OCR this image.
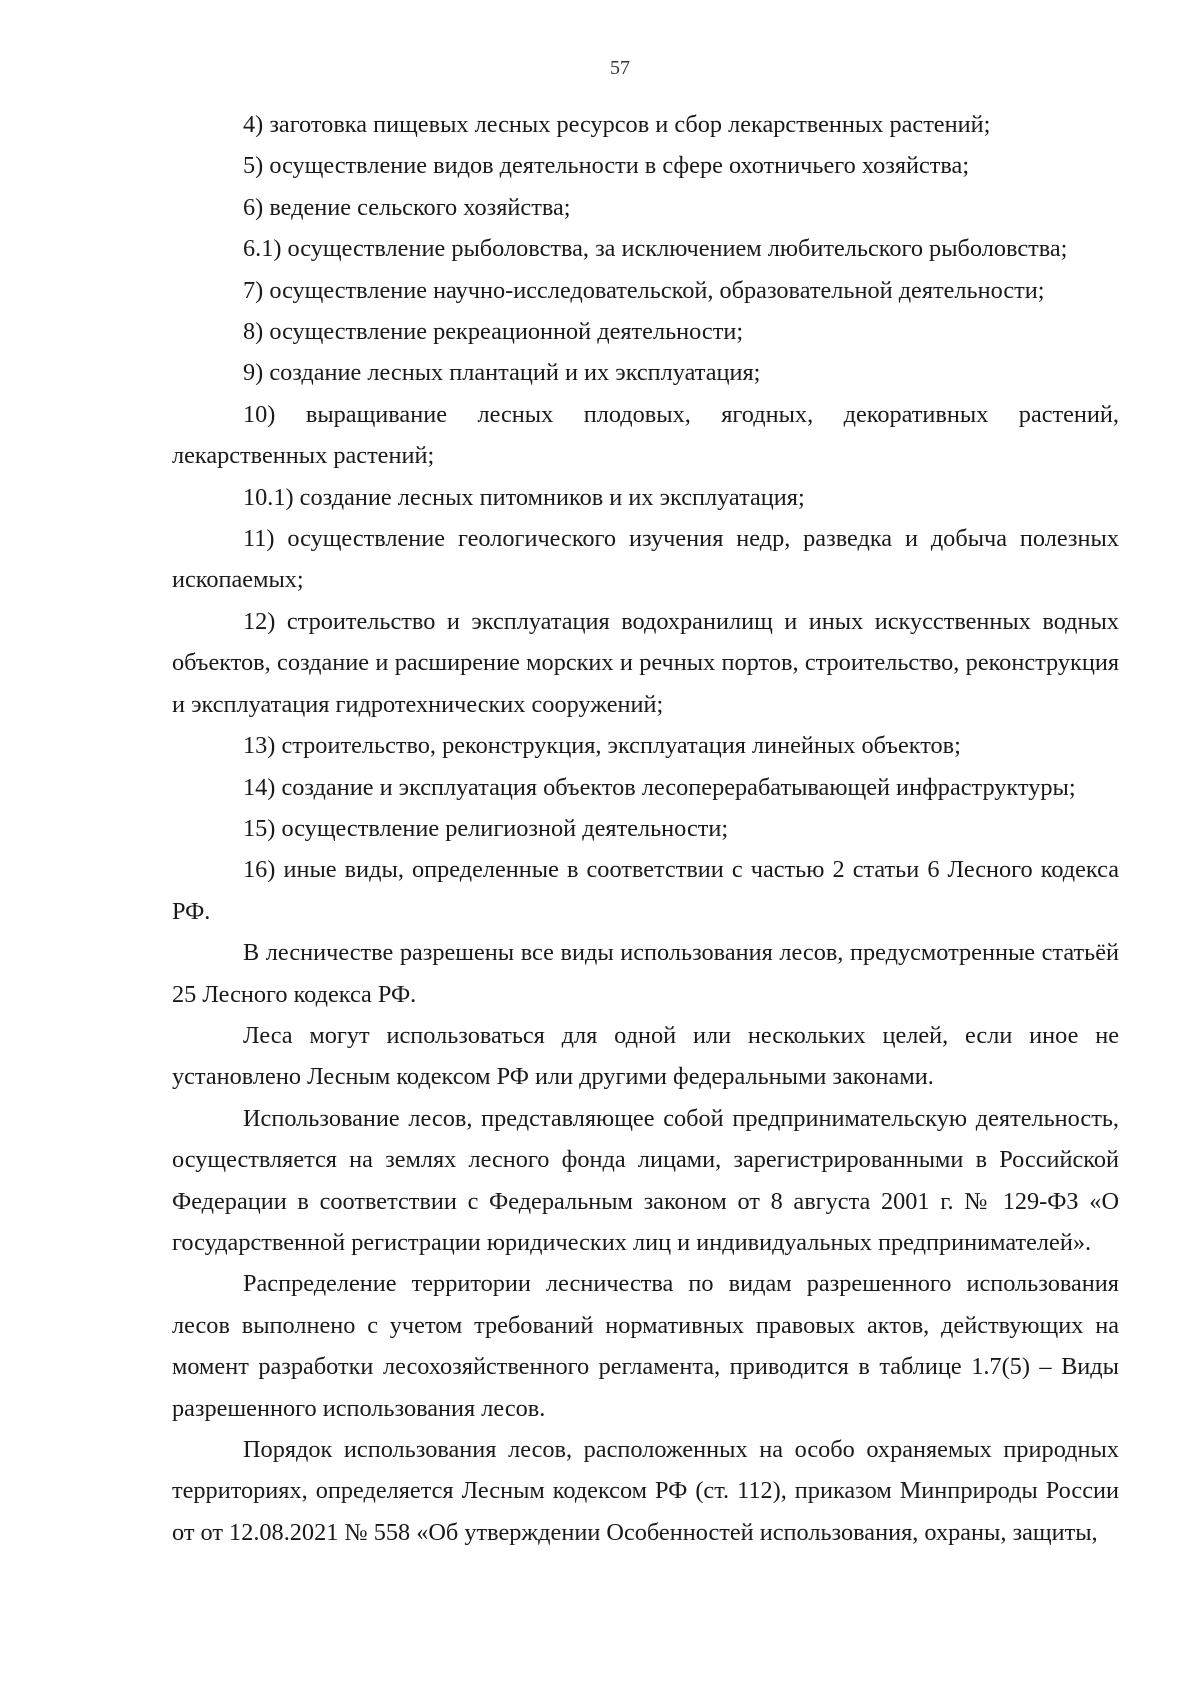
57

4) заготовка пищевых лесных ресурсов и сбор лекарственных растений;

5) осуществление видов деятельности в сфере охотничьего хозяйства;

6) ведение сельского хозяйства;

6.1) осуществление рыболовства, за исключением любительского рыболовства;

7) осуществление научно-исследовательской, образовательной деятельности;

8) осуществление рекреационной деятельности;

9) создание лесных плантаций и их эксплуатация;

10) выращивание лесных плодовых, ягодных, декоративных растений, лекарственных растений;

10.1) создание лесных питомников и их эксплуатация;

11) осуществление геологического изучения недр, разведка и добыча полезных ископаемых;

12) строительство и эксплуатация водохранилищ и иных искусственных водных объектов, создание и расширение морских и речных портов, строительство, реконструкция и эксплуатация гидротехнических сооружений;

13) строительство, реконструкция, эксплуатация линейных объектов;

14) создание и эксплуатация объектов лесоперерабатывающей инфраструктуры;

15) осуществление религиозной деятельности;

16) иные виды, определенные в соответствии с частью 2 статьи 6 Лесного кодекса РФ.

В лесничестве разрешены все виды использования лесов, предусмотренные статьёй 25 Лесного кодекса РФ.

Леса могут использоваться для одной или нескольких целей, если иное не установлено Лесным кодексом РФ или другими федеральными законами.

Использование лесов, представляющее собой предпринимательскую деятельность, осуществляется на землях лесного фонда лицами, зарегистрированными в Российской Федерации в соответствии с Федеральным законом от 8 августа 2001 г. № 129-ФЗ «О государственной регистрации юридических лиц и индивидуальных предпринимателей».

Распределение территории лесничества по видам разрешенного использования лесов выполнено с учетом требований нормативных правовых актов, действующих на момент разработки лесохозяйственного регламента, приводится в таблице 1.7(5) – Виды разрешенного использования лесов.

Порядок использования лесов, расположенных на особо охраняемых природных территориях, определяется Лесным кодексом РФ (ст. 112), приказом Минприроды России от от 12.08.2021 № 558 «Об утверждении Особенностей использования, охраны, защиты,
